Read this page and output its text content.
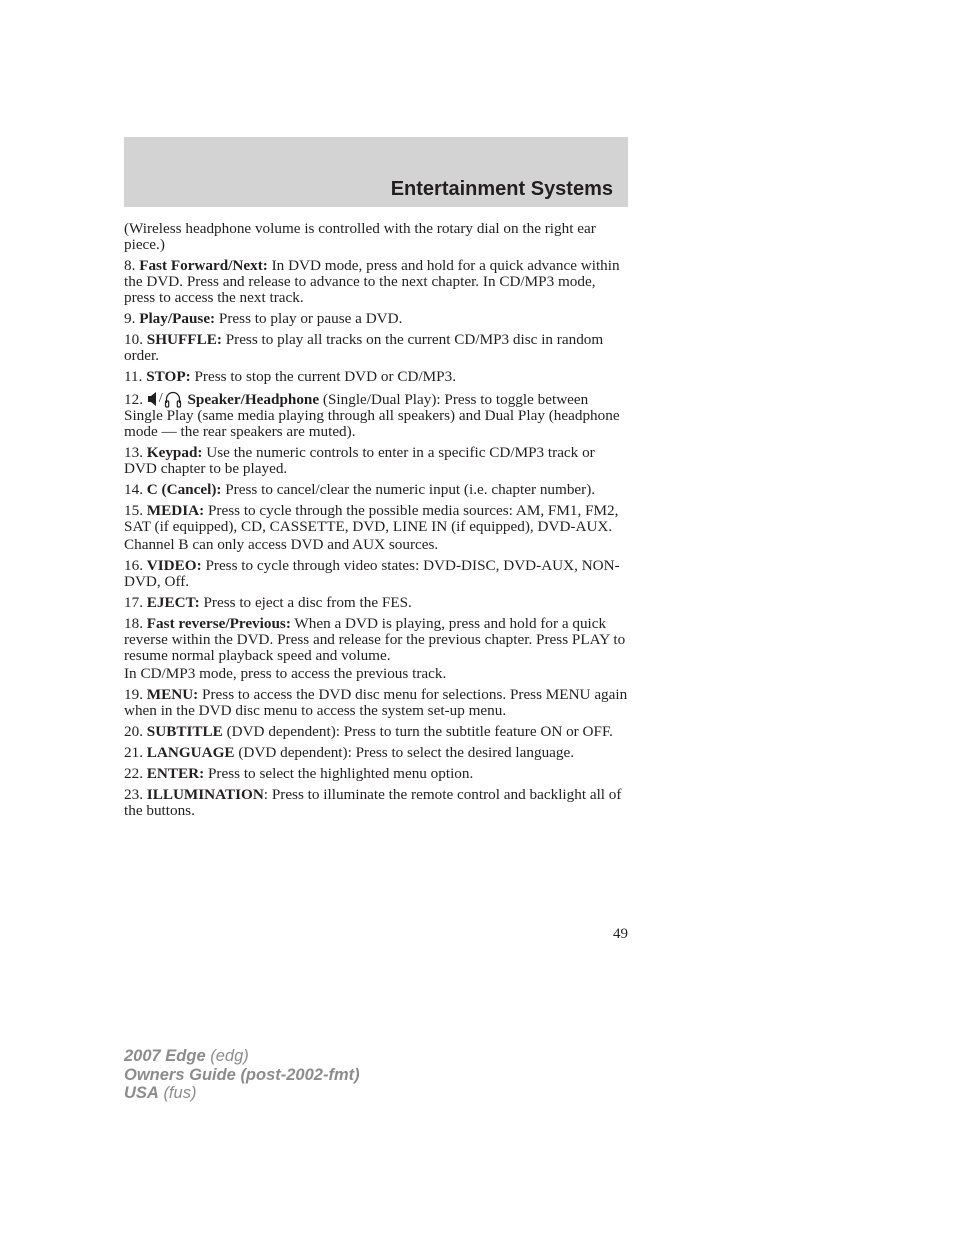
Entertainment Systems

(Wireless headphone volume is controlled with the rotary dial on the right ear piece.)

8. Fast Forward/Next: In DVD mode, press and hold for a quick advance within the DVD. Press and release to advance to the next chapter. In CD/MP3 mode, press to access the next track.

9. Play/Pause: Press to play or pause a DVD.

10. SHUFFLE: Press to play all tracks on the current CD/MP3 disc in random order.

11. STOP: Press to stop the current DVD or CD/MP3.

12. / Speaker/Headphone (Single/Dual Play): Press to toggle between Single Play (same media playing through all speakers) and Dual Play (headphone mode — the rear speakers are muted).

13. Keypad: Use the numeric controls to enter in a specific CD/MP3 track or DVD chapter to be played.

14. C (Cancel): Press to cancel/clear the numeric input (i.e. chapter number).

15. MEDIA: Press to cycle through the possible media sources: AM, FM1, FM2, SAT (if equipped), CD, CASSETTE, DVD, LINE IN (if equipped), DVD-AUX.

Channel B can only access DVD and AUX sources.

16. VIDEO: Press to cycle through video states: DVD-DISC, DVD-AUX, NON-DVD, Off.

17. EJECT: Press to eject a disc from the FES.

18. Fast reverse/Previous: When a DVD is playing, press and hold for a quick reverse within the DVD. Press and release for the previous chapter. Press PLAY to resume normal playback speed and volume.

In CD/MP3 mode, press to access the previous track.

19. MENU: Press to access the DVD disc menu for selections. Press MENU again when in the DVD disc menu to access the system set-up menu.

20. SUBTITLE (DVD dependent): Press to turn the subtitle feature ON or OFF.

21. LANGUAGE (DVD dependent): Press to select the desired language.

22. ENTER: Press to select the highlighted menu option.

23. ILLUMINATION: Press to illuminate the remote control and backlight all of the buttons.

49
2007 Edge (edg)
Owners Guide (post-2002-fmt)
USA (fus)
